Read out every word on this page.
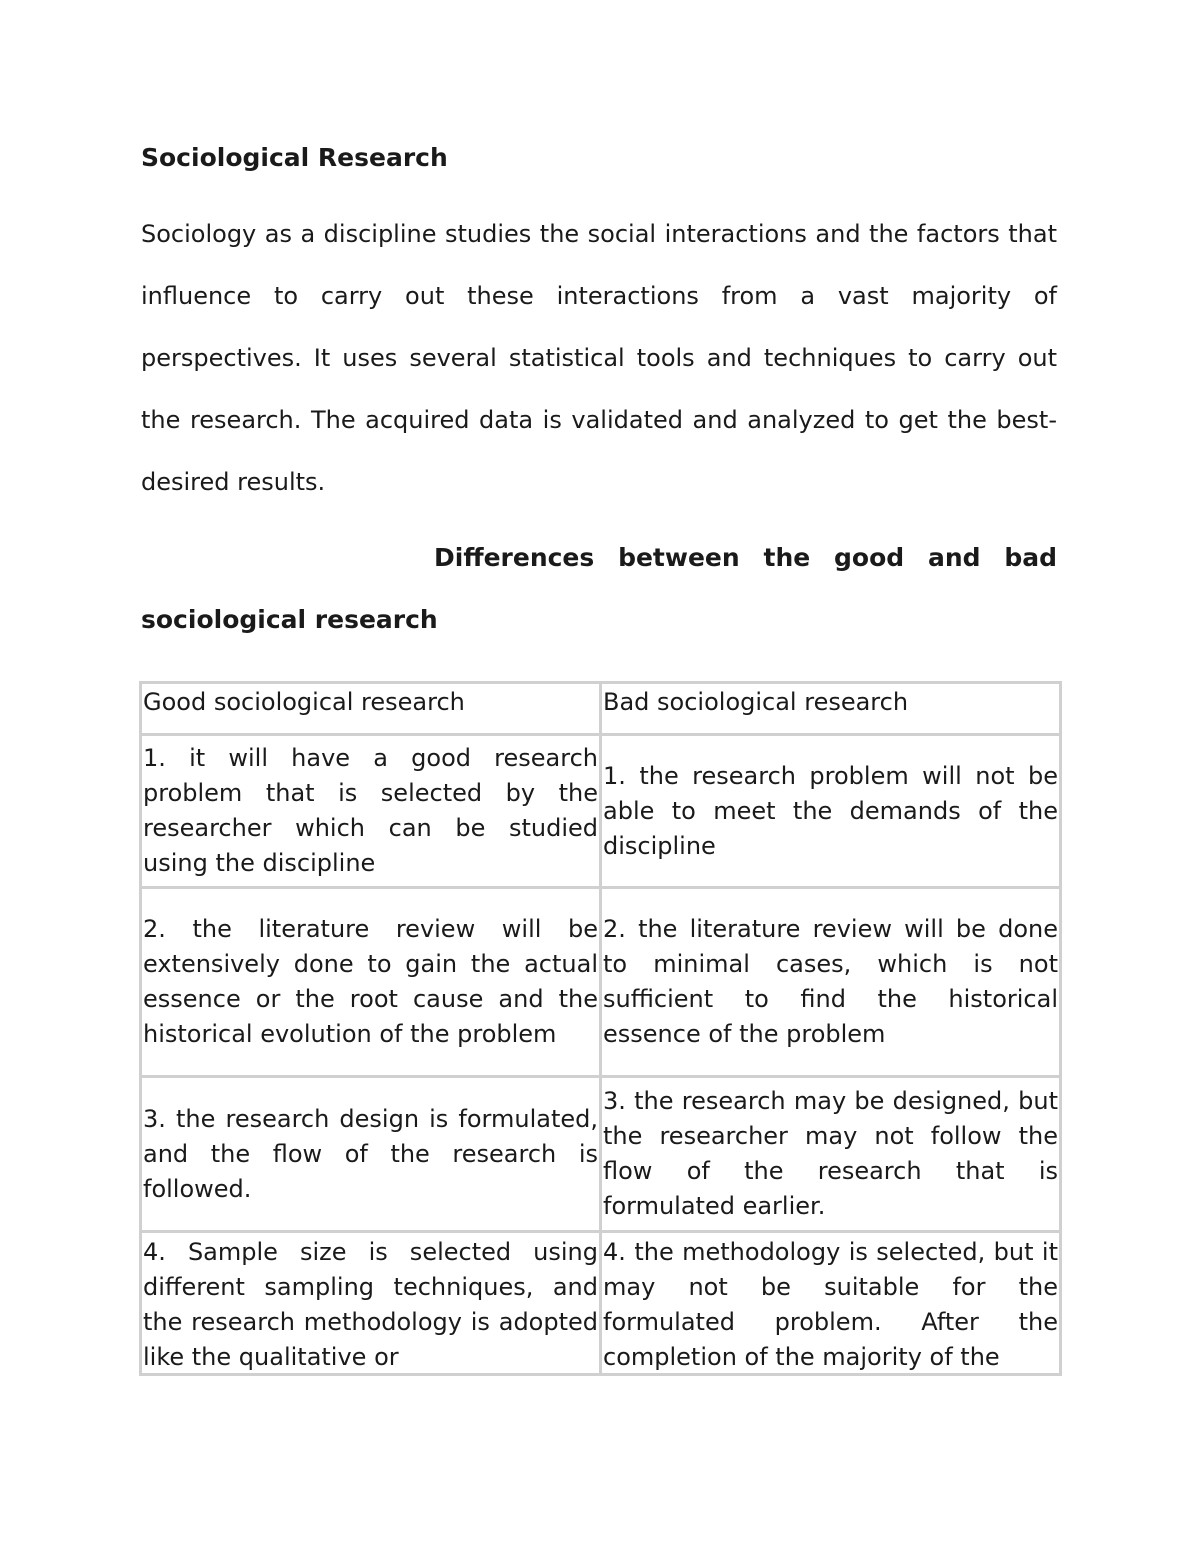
Sociological Research

Sociology as a discipline studies the social interactions and the factors that influence to carry out these interactions from a vast majority of perspectives. It uses several statistical tools and techniques to carry out the research. The acquired data is validated and analyzed to get the best-desired results.

Differences between the good and bad
sociological research
Good sociological research	Bad sociological research
1. it will have a good research problem that is selected by the researcher which can be studied using the discipline	1. the research problem will not be able to meet the demands of the discipline
2. the literature review will be extensively done to gain the actual essence or the root cause and the historical evolution of the problem	2. the literature review will be done to minimal cases, which is not sufficient to find the historical essence of the problem
3. the research design is formulated, and the flow of the research is followed.	3. the research may be designed, but the researcher may not follow the flow of the research that is formulated earlier.

4. Sample size is selected using different sampling techniques, and the research methodology is adopted like the qualitative or	4. the methodology is selected, but it may not be suitable for the formulated problem. After the completion of the majority of the
